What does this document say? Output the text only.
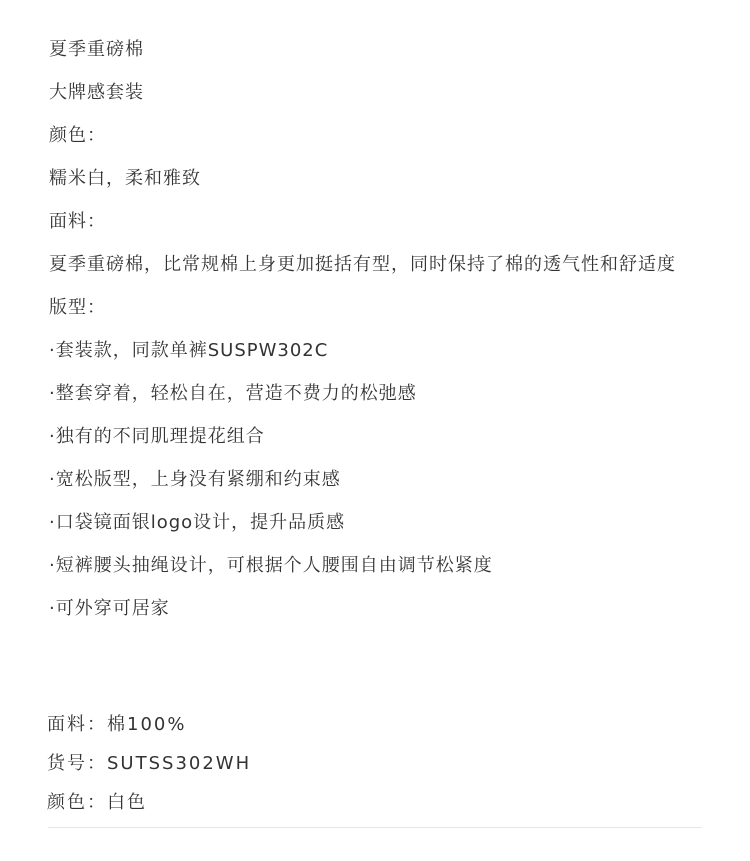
夏季重磅棉

大牌感套装

颜色：

糯米白，柔和雅致

面料：

夏季重磅棉，比常规棉上身更加挺括有型，同时保持了棉的透气性和舒适度

版型：

·套装款，同款单裤SUSPW302C

·整套穿着，轻松自在，营造不费力的松弛感

·独有的不同肌理提花组合

·宽松版型，上身没有紧绷和约束感

·口袋镜面银logo设计，提升品质感

·短裤腰头抽绳设计，可根据个人腰围自由调节松紧度

·可外穿可居家

面料：棉100%

货号：SUTSS302WH

颜色：白色
